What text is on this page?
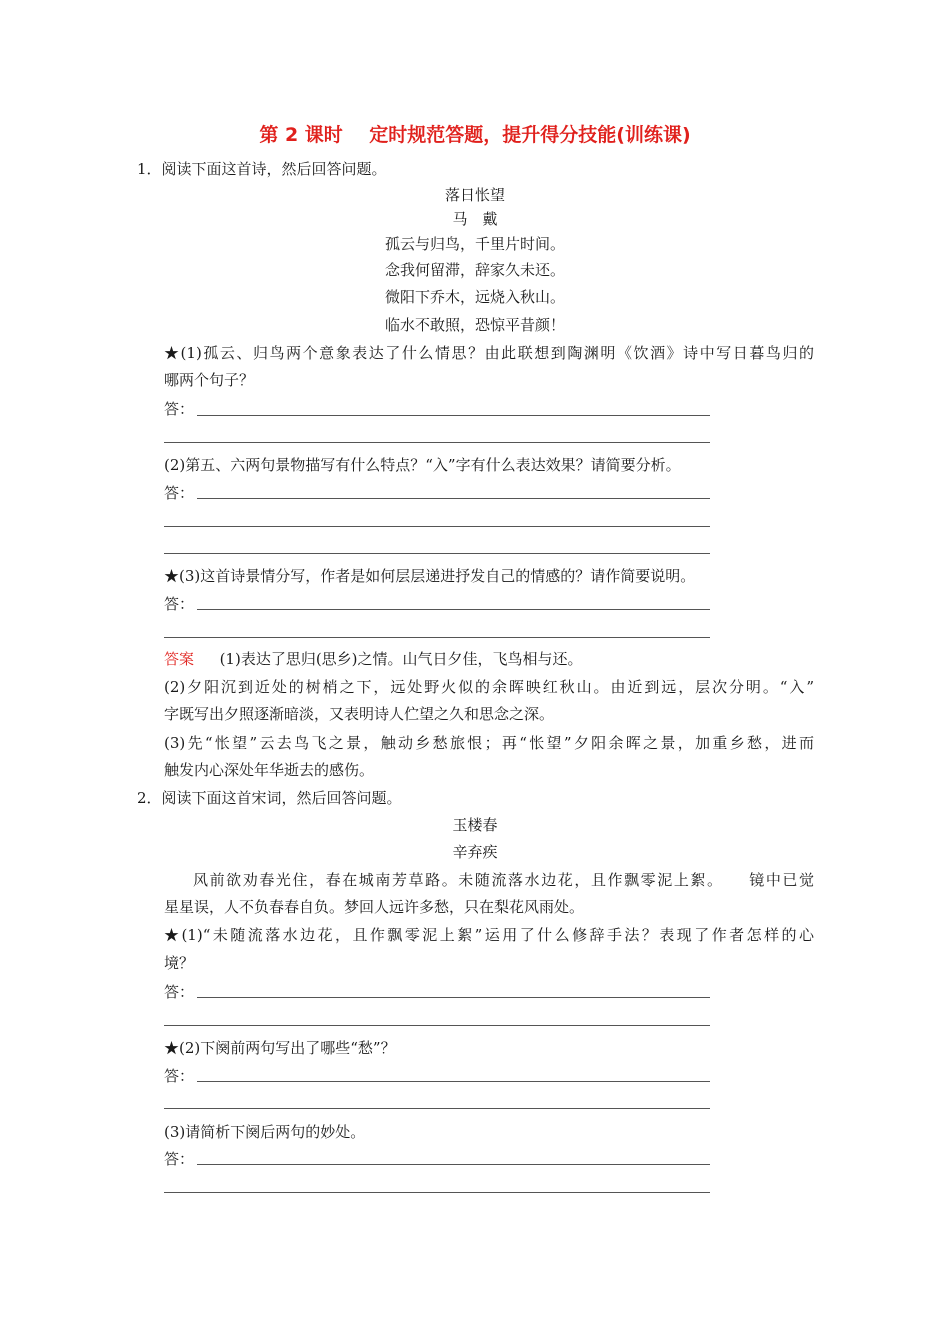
第 2 课时    定时规范答题，提升得分技能(训练课)
1．阅读下面这首诗，然后回答问题。
落日怅望
马　戴
孤云与归鸟，千里片时间。
念我何留滞，辞家久未还。
微阳下乔木，远烧入秋山。
临水不敢照，恐惊平昔颜！
★(1)孤云、归鸟两个意象表达了什么情思？由此联想到陶渊明《饮酒》诗中写日暮鸟归的
哪两个句子？
答：
(2)第五、六两句景物描写有什么特点？“入”字有什么表达效果？请简要分析。
答：
★(3)这首诗景情分写，作者是如何层层递进抒发自己的情感的？请作简要说明。
答：
答案 (1)表达了思归(思乡)之情。山气日夕佳，飞鸟相与还。
(2)夕阳沉到近处的树梢之下，远处野火似的余晖映红秋山。由近到远，层次分明。“入”
字既写出夕照逐渐暗淡，又表明诗人伫望之久和思念之深。
(3)先“怅望”云去鸟飞之景，触动乡愁旅恨；再“怅望”夕阳余晖之景，加重乡愁，进而
触发内心深处年华逝去的感伤。
2．阅读下面这首宋词，然后回答问题。
玉楼春
辛弃疾
风前欲劝春光住，春在城南芳草路。未随流落水边花，且作飘零泥上絮。　　镜中已觉
星星误，人不负春春自负。梦回人远许多愁，只在梨花风雨处。
★(1)“未随流落水边花，且作飘零泥上絮”运用了什么修辞手法？表现了作者怎样的心
境？
答：
★(2)下阕前两句写出了哪些“愁”？
答：
(3)请简析下阕后两句的妙处。
答：
